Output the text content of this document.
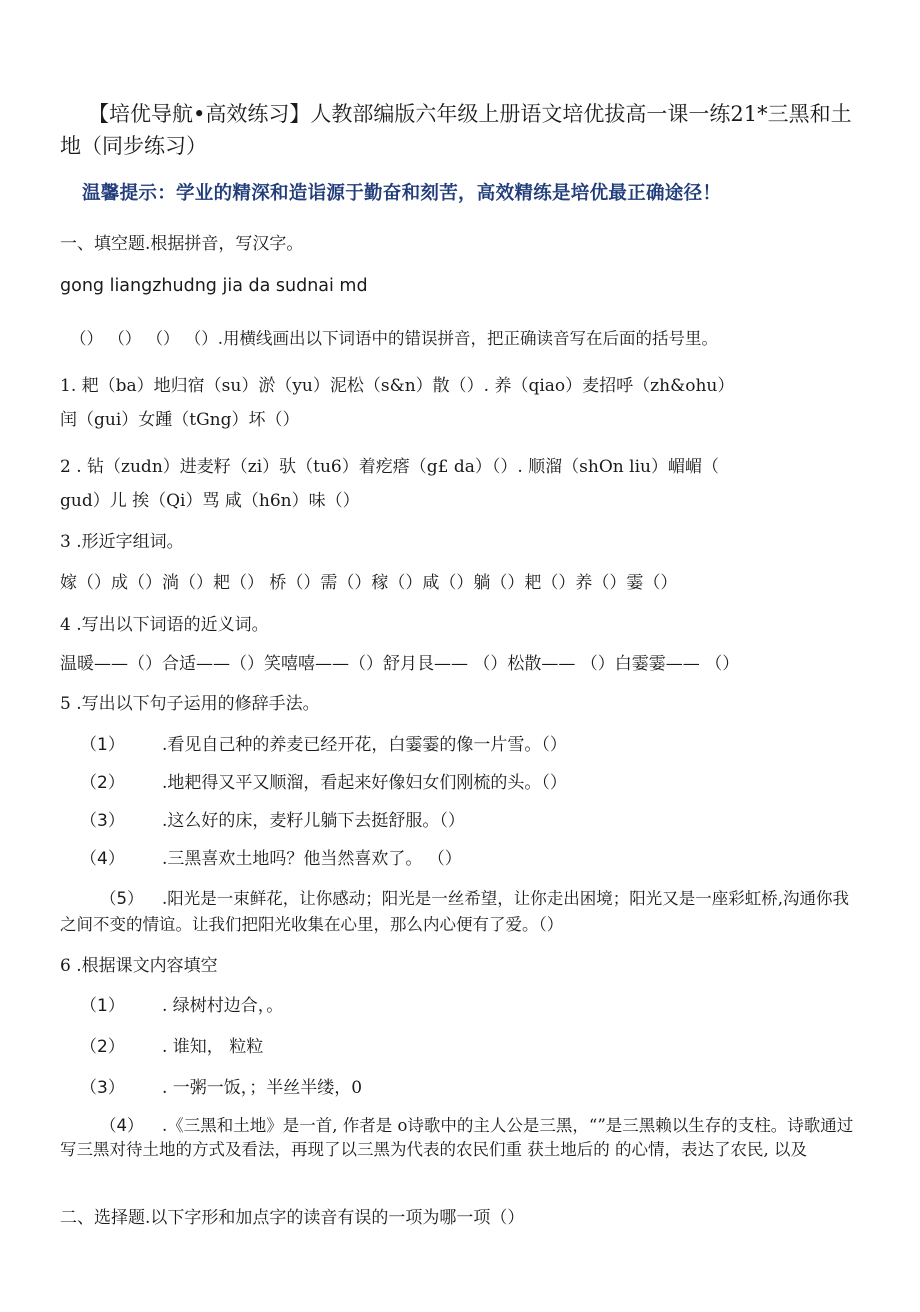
【培优导航•高效练习】人教部编版六年级上册语文培优拔高一课一练21*三黑和土地（同步练习）
温馨提示：学业的精深和造诣源于勤奋和刻苦，高效精练是培优最正确途径！
一、填空题.根据拼音，写汉字。
gong liangzhudng jia da sudnai md
（） （） （） （）.用横线画出以下词语中的错误拼音，把正确读音写在后面的括号里。
1. 耙（ba）地归宿（su）淤（yu）泥松（s&n）散（）. 养（qiao）麦招呼（zh&ohu）
闰（gui）女踵（tGng）坏（）
2 . 钻（zudn）进麦籽（zi）驮（tu6）着疙瘩（g£ da）（）. 顺溜（shOn liu）嵋嵋（
gud）儿 挨（Qi）骂 咸（h6n）味（）
3 .形近字组词。
嫁（）成（）淌（）耙（） 桥（）需（）稼（）咸（）躺（）耙（）养（）霎（）
4 .写出以下词语的近义词。
温暖——（）合适——（）笑嘻嘻——（）舒月艮—— （）松散—— （）白霎霎—— （）
5 .写出以下句子运用的修辞手法。
（1） .看见自己种的养麦已经开花，白霎霎的像一片雪。（）
（2） .地耙得又平又顺溜，看起来好像妇女们刚梳的头。（）
（3） .这么好的床，麦籽儿躺下去挺舒服。（）
（4） .三黑喜欢土地吗？他当然喜欢了。 （）
（5） .阳光是一束鲜花，让你感动；阳光是一丝希望，让你走出困境；阳光又是一座彩虹桥,沟通你我之间不变的情谊。让我们把阳光收集在心里，那么内心便有了爱。（）
6 .根据课文内容填空
（1） . 绿树村边合，。
（2） . 谁知， 粒粒
（3） . 一粥一饭，；半丝半缕，0
（4） .《三黑和土地》是一首, 作者是 o诗歌中的主人公是三黑，“”是三黑赖以生存的支柱。诗歌通过写三黑对待土地的方式及看法，再现了以三黑为代表的农民们重 获土地后的 的心情，表达了农民, 以及
二、选择题.以下字形和加点字的读音有误的一项为哪一项（）
